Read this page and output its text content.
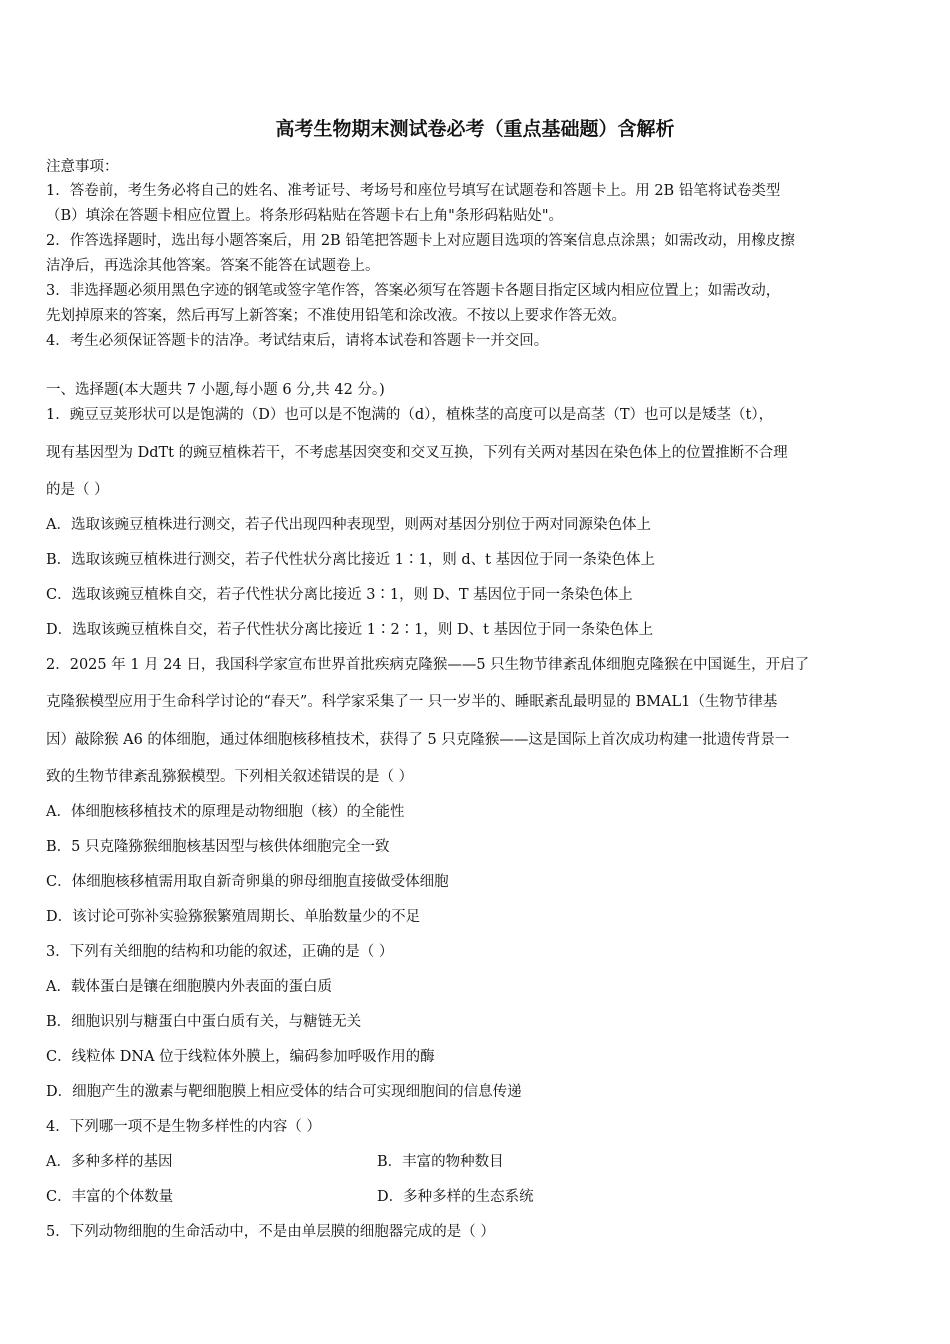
高考生物期末测试卷必考（重点基础题）含解析
注意事项：
1．答卷前，考生务必将自己的姓名、准考证号、考场号和座位号填写在试题卷和答题卡上。用 2B 铅笔将试卷类型
（B）填涂在答题卡相应位置上。将条形码粘贴在答题卡右上角"条形码粘贴处"。
2．作答选择题时，选出每小题答案后，用 2B 铅笔把答题卡上对应题目选项的答案信息点涂黑；如需改动，用橡皮擦
洁净后，再选涂其他答案。答案不能答在试题卷上。
3．非选择题必须用黑色字迹的钢笔或签字笔作答，答案必须写在答题卡各题目指定区域内相应位置上；如需改动，
先划掉原来的答案，然后再写上新答案；不准使用铅笔和涂改液。不按以上要求作答无效。
4．考生必须保证答题卡的洁净。考试结束后，请将本试卷和答题卡一并交回。
一、选择题(本大题共 7 小题,每小题 6 分,共 42 分。)
1．豌豆豆荚形状可以是饱满的（D）也可以是不饱满的（d），植株茎的高度可以是高茎（T）也可以是矮茎（t），
现有基因型为 DdTt 的豌豆植株若干，不考虑基因突变和交叉互换，下列有关两对基因在染色体上的位置推断不合理
的是（ ）
A．选取该豌豆植株进行测交，若子代出现四种表现型，则两对基因分别位于两对同源染色体上
B．选取该豌豆植株进行测交，若子代性状分离比接近 1∶1，则 d、t 基因位于同一条染色体上
C．选取该豌豆植株自交，若子代性状分离比接近 3∶1，则 D、T 基因位于同一条染色体上
D．选取该豌豆植株自交，若子代性状分离比接近 1∶2∶1，则 D、t 基因位于同一条染色体上
2．2025 年 1 月 24 日，我国科学家宣布世界首批疾病克隆猴——5 只生物节律紊乱体细胞克隆猴在中国诞生，开启了
克隆猴模型应用于生命科学讨论的“春天”。科学家采集了一 只一岁半的、睡眠紊乱最明显的 BMAL1（生物节律基
因）敲除猴 A6 的体细胞，通过体细胞核移植技术，获得了 5 只克隆猴——这是国际上首次成功构建一批遗传背景一
致的生物节律紊乱猕猴模型。下列相关叙述错误的是（ ）
A．体细胞核移植技术的原理是动物细胞（核）的全能性
B．5 只克隆猕猴细胞核基因型与核供体细胞完全一致
C．体细胞核移植需用取自新奇卵巢的卵母细胞直接做受体细胞
D．该讨论可弥补实验猕猴繁殖周期长、单胎数量少的不足
3．下列有关细胞的结构和功能的叙述，正确的是（ ）
A．载体蛋白是镶在细胞膜内外表面的蛋白质
B．细胞识别与糖蛋白中蛋白质有关，与糖链无关
C．线粒体 DNA 位于线粒体外膜上，编码参加呼吸作用的酶
D．细胞产生的激素与靶细胞膜上相应受体的结合可实现细胞间的信息传递
4．下列哪一项不是生物多样性的内容（ ）
A．多种多样的基因	B．丰富的物种数目
C．丰富的个体数量	D．多种多样的生态系统
5．下列动物细胞的生命活动中，不是由单层膜的细胞器完成的是（ ）
